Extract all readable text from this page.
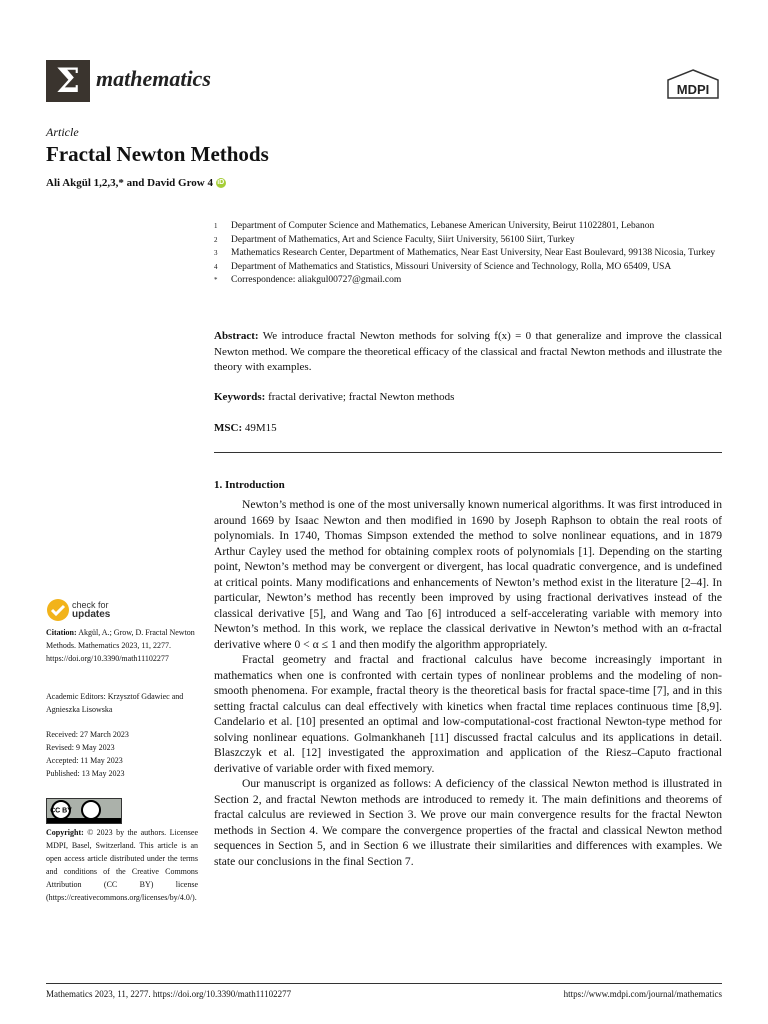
Σ mathematics	MDPI
Article
Fractal Newton Methods
Ali Akgül 1,2,3,* and David Grow 4 iD
1	Department of Computer Science and Mathematics, Lebanese American University, Beirut 11022801, Lebanon
2	Department of Mathematics, Art and Science Faculty, Siirt University, 56100 Siirt, Turkey
3	Mathematics Research Center, Department of Mathematics, Near East University, Near East Boulevard, 99138 Nicosia, Turkey
4	Department of Mathematics and Statistics, Missouri University of Science and Technology, Rolla, MO 65409, USA
*	Correspondence: aliakgul00727@gmail.com
Abstract: We introduce fractal Newton methods for solving f(x) = 0 that generalize and improve the classical Newton method. We compare the theoretical efficacy of the classical and fractal Newton methods and illustrate the theory with examples.
Keywords: fractal derivative; fractal Newton methods
MSC: 49M15
1. Introduction

Newton’s method is one of the most universally known numerical algorithms. It was first introduced in around 1669 by Isaac Newton and then modified in 1690 by Joseph Raphson to obtain the real roots of polynomials. In 1740, Thomas Simpson extended the method to solve nonlinear equations, and in 1879 Arthur Cayley used the method for obtaining complex roots of polynomials [1]. Depending on the starting point, Newton’s method may be convergent or divergent, has local quadratic convergence, and is undefined at critical points. Many modifications and enhancements of Newton’s method exist in the literature [2–4]. In particular, Newton’s method has recently been improved by using fractional derivatives instead of the classical derivative [5], and Wang and Tao [6] introduced a self-accelerating variable with memory into Newton’s method. In this work, we replace the classical derivative in Newton’s method with an α-fractal derivative where 0 < α ≤ 1 and then modify the algorithm appropriately.

Fractal geometry and fractal and fractional calculus have become increasingly important in mathematics when one is confronted with certain types of nonlinear problems and the modeling of non-smooth phenomena. For example, fractal theory is the theoretical basis for fractal space-time [7], and in this setting fractal calculus can deal effectively with kinetics when fractal time replaces continuous time [8,9]. Candelario et al. [10] presented an optimal and low-computational-cost fractional Newton-type method for solving nonlinear equations. Golmankhaneh [11] discussed fractal calculus and its applications in detail. Blaszczyk et al. [12] investigated the approximation and application of the Riesz–Caputo fractional derivative of variable order with fixed memory.

Our manuscript is organized as follows: A deficiency of the classical Newton method is illustrated in Section 2, and fractal Newton methods are introduced to remedy it. The main definitions and theorems of fractal calculus are reviewed in Section 3. We prove our main convergence results for the fractal Newton methods in Section 4. We compare the convergence properties of the fractal and classical Newton method sequences in Section 5, and in Section 6 we illustrate their similarities and differences with examples. We state our conclusions in the final Section 7.

check for
updates
Citation: Akgül, A.; Grow, D. Fractal Newton Methods. Mathematics 2023, 11, 2277. https://doi.org/10.3390/math11102277
Academic Editors: Krzysztof Gdawiec and Agnieszka Lisowska
Received: 27 March 2023
Revised: 9 May 2023
Accepted: 11 May 2023
Published: 13 May 2023
CC BY
Copyright: © 2023 by the authors. Licensee MDPI, Basel, Switzerland. This article is an open access article distributed under the terms and conditions of the Creative Commons Attribution (CC BY) license (https://creativecommons.org/licenses/by/4.0/).
Mathematics 2023, 11, 2277. https://doi.org/10.3390/math11102277	https://www.mdpi.com/journal/mathematics
